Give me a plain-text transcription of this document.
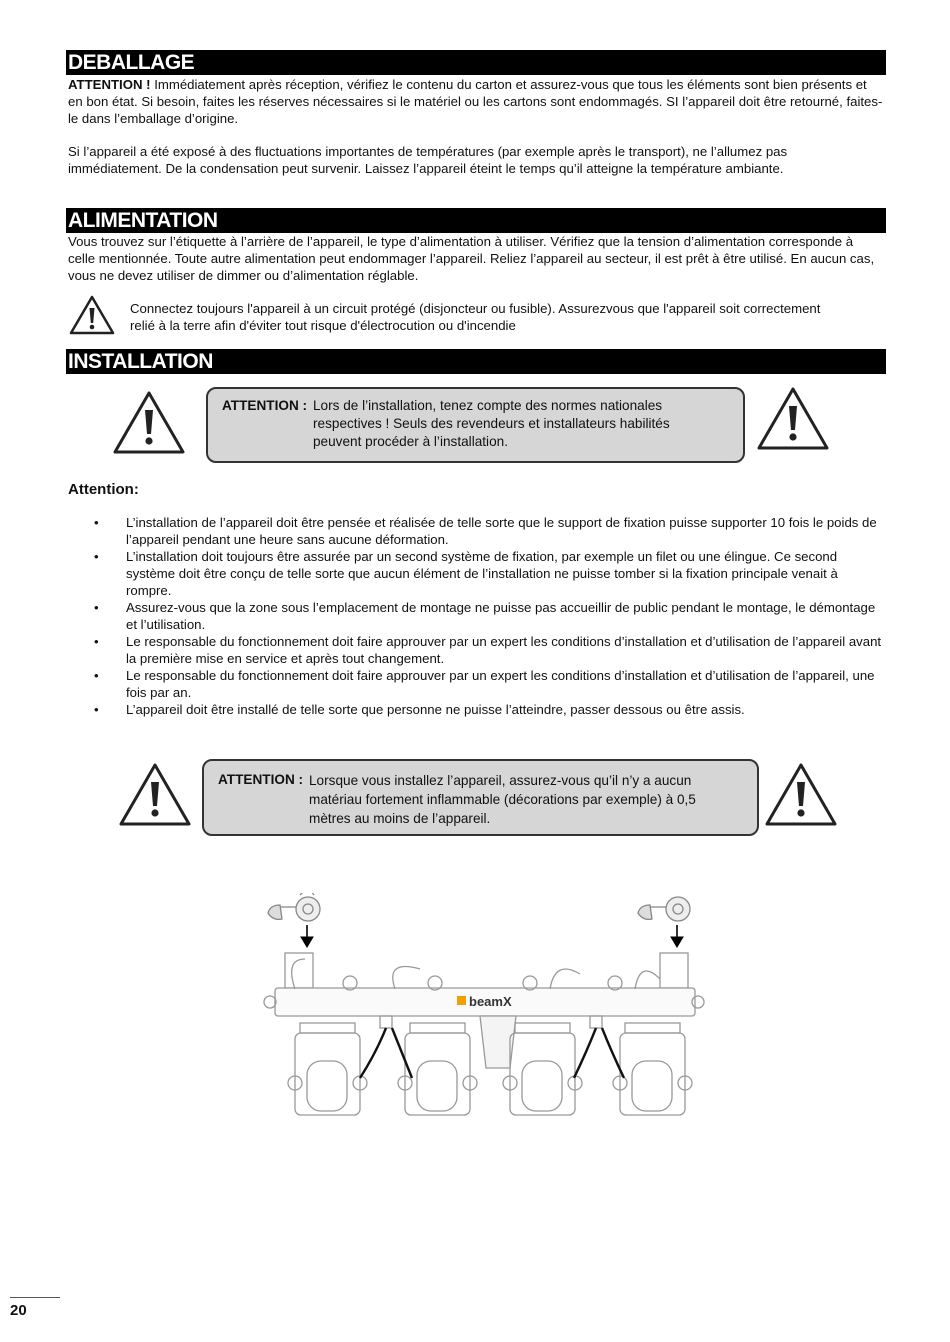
DEBALLAGE
ATTENTION ! Immédiatement après réception, vérifiez le contenu du carton et assurez-vous que tous les éléments sont bien présents et en bon état. Si besoin, faites les réserves nécessaires si le matériel ou les cartons sont endommagés. SI l’appareil doit être retourné, faites-le dans l’emballage d’origine.
Si l’appareil a été exposé à des fluctuations importantes de températures (par exemple après le transport), ne l’allumez pas immédiatement. De la condensation peut survenir. Laissez l’appareil éteint le temps qu’il atteigne la température ambiante.
ALIMENTATION
Vous trouvez sur l’étiquette à l’arrière de l’appareil, le type d’alimentation à utiliser. Vérifiez que la tension d’alimentation corresponde à celle mentionnée. Toute autre alimentation peut endommager l’appareil. Reliez l’appareil au secteur, il est prêt à être utilisé. En aucun cas, vous ne devez utiliser de dimmer ou d’alimentation réglable.
Connectez toujours l'appareil à un circuit protégé (disjoncteur ou fusible). Assurezvous que l'appareil soit correctement relié à la terre afin d'éviter tout risque d'électrocution ou d'incendie
INSTALLATION
ATTENTION : Lors de l’installation, tenez compte des normes nationales respectives ! Seuls des revendeurs et installateurs habilités peuvent procéder à l’installation.
Attention:
• L’installation de l’appareil doit être pensée et réalisée de telle sorte que le support de fixation puisse supporter 10 fois le poids de l’appareil pendant une heure sans aucune déformation.
• L’installation doit toujours être assurée par un second système de fixation, par exemple un filet ou une élingue. Ce second système doit être conçu de telle sorte que aucun élément de l’installation ne puisse tomber si la fixation principale venait à rompre.
• Assurez-vous que la zone sous l’emplacement de montage ne puisse pas accueillir de public pendant le montage, le démontage et l’utilisation.
• Le responsable du fonctionnement doit faire approuver par un expert les conditions d’installation et d’utilisation de l’appareil avant la première mise en service et après tout changement.
• Le responsable du fonctionnement doit faire approuver par un expert les conditions d’installation et d’utilisation de l’appareil, une fois par an.
• L’appareil doit être installé de telle sorte que personne ne puisse l’atteindre, passer dessous ou être assis.
ATTENTION : Lorsque vous installez l’appareil, assurez-vous qu’il n’y a aucun matériau fortement inflammable (décorations par exemple) à 0,5 mètres au moins de l’appareil.
beamX
20
